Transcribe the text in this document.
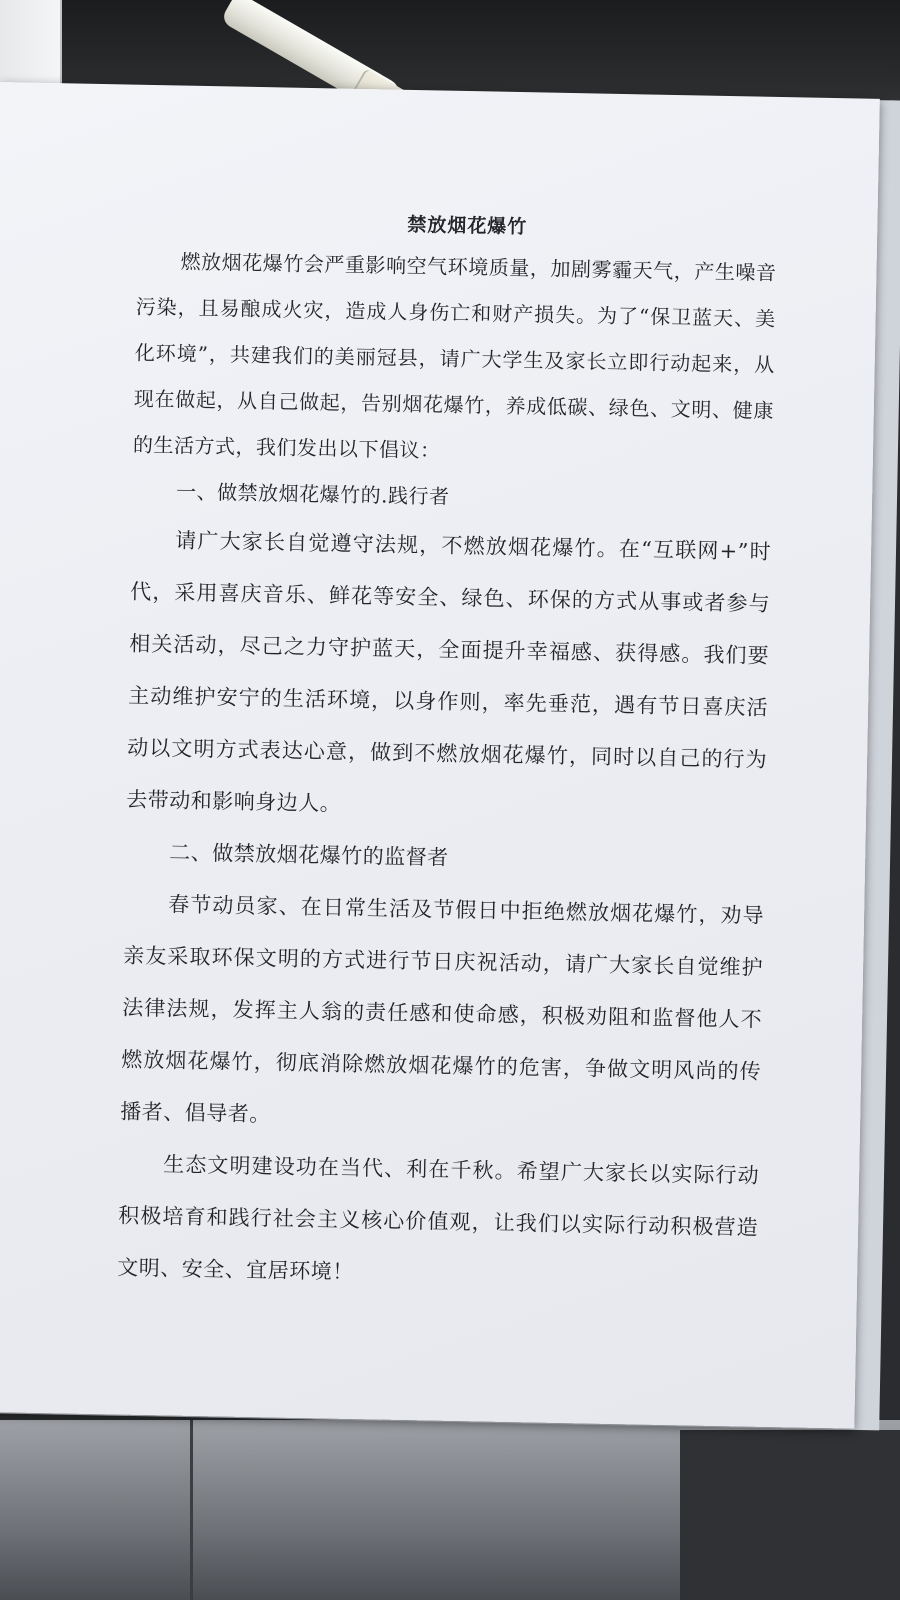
禁放烟花爆竹

燃放烟花爆竹会严重影响空气环境质量，加剧雾霾天气，产生噪音污染，且易酿成火灾，造成人身伤亡和财产损失。为了“保卫蓝天、美化环境”，共建我们的美丽冠县，请广大学生及家长立即行动起来，从现在做起，从自己做起，告别烟花爆竹，养成低碳、绿色、文明、健康的生活方式，我们发出以下倡议：

一、做禁放烟花爆竹的.践行者

请广大家长自觉遵守法规，不燃放烟花爆竹。在“互联网+”时代，采用喜庆音乐、鲜花等安全、绿色、环保的方式从事或者参与相关活动，尽己之力守护蓝天，全面提升幸福感、获得感。我们要主动维护安宁的生活环境，以身作则，率先垂范，遇有节日喜庆活动以文明方式表达心意，做到不燃放烟花爆竹，同时以自己的行为去带动和影响身边人。

二、做禁放烟花爆竹的监督者

春节动员家、在日常生活及节假日中拒绝燃放烟花爆竹，劝导亲友采取环保文明的方式进行节日庆祝活动，请广大家长自觉维护法律法规，发挥主人翁的责任感和使命感，积极劝阻和监督他人不燃放烟花爆竹，彻底消除燃放烟花爆竹的危害，争做文明风尚的传播者、倡导者。

生态文明建设功在当代、利在千秋。希望广大家长以实际行动积极培育和践行社会主义核心价值观，让我们以实际行动积极营造文明、安全、宜居环境！
